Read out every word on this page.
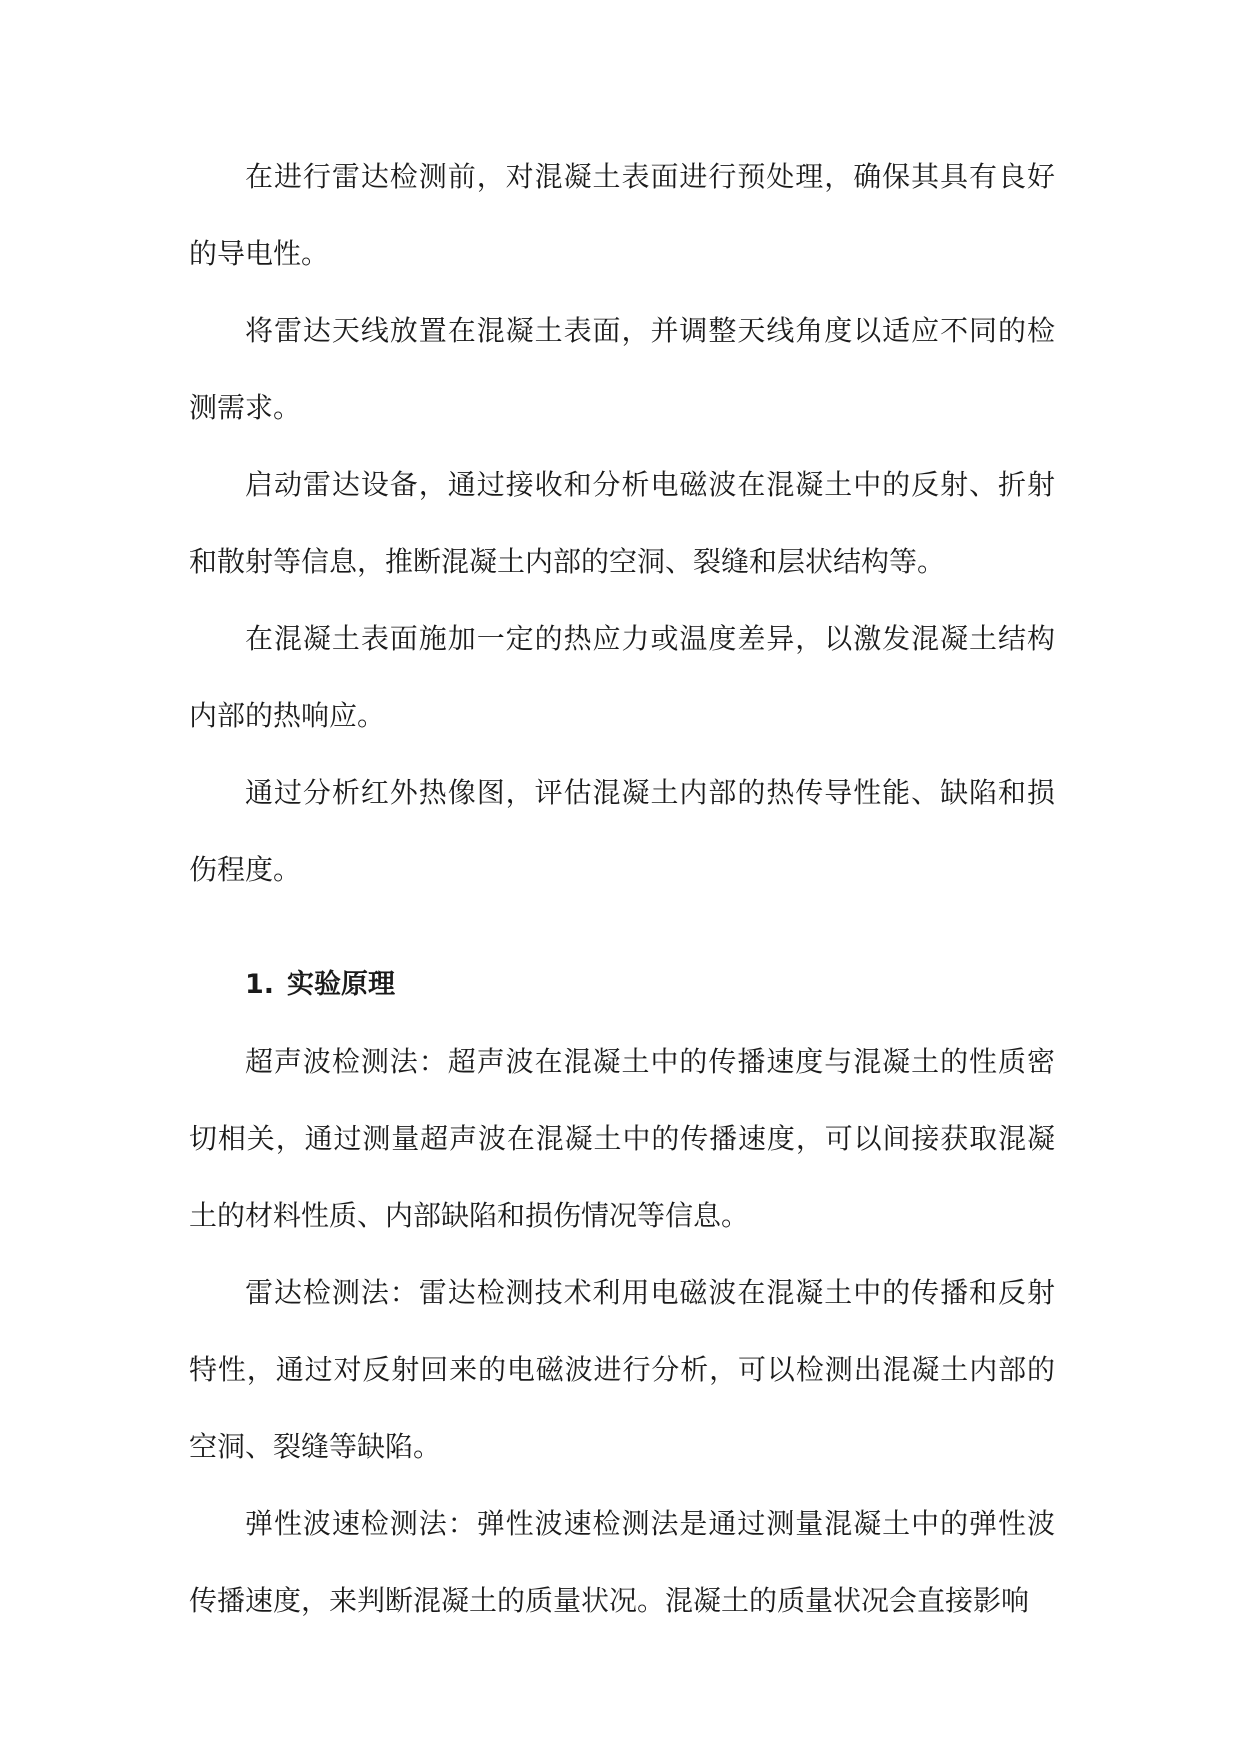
在进行雷达检测前，对混凝土表面进行预处理，确保其具有良好的导电性。

将雷达天线放置在混凝土表面，并调整天线角度以适应不同的检测需求。

启动雷达设备，通过接收和分析电磁波在混凝土中的反射、折射和散射等信息，推断混凝土内部的空洞、裂缝和层状结构等。

在混凝土表面施加一定的热应力或温度差异，以激发混凝土结构内部的热响应。

通过分析红外热像图，评估混凝土内部的热传导性能、缺陷和损伤程度。

1. 实验原理

超声波检测法：超声波在混凝土中的传播速度与混凝土的性质密切相关，通过测量超声波在混凝土中的传播速度，可以间接获取混凝土的材料性质、内部缺陷和损伤情况等信息。

雷达检测法：雷达检测技术利用电磁波在混凝土中的传播和反射特性，通过对反射回来的电磁波进行分析，可以检测出混凝土内部的空洞、裂缝等缺陷。

弹性波速检测法：弹性波速检测法是通过测量混凝土中的弹性波传播速度，来判断混凝土的质量状况。混凝土的质量状况会直接影响
